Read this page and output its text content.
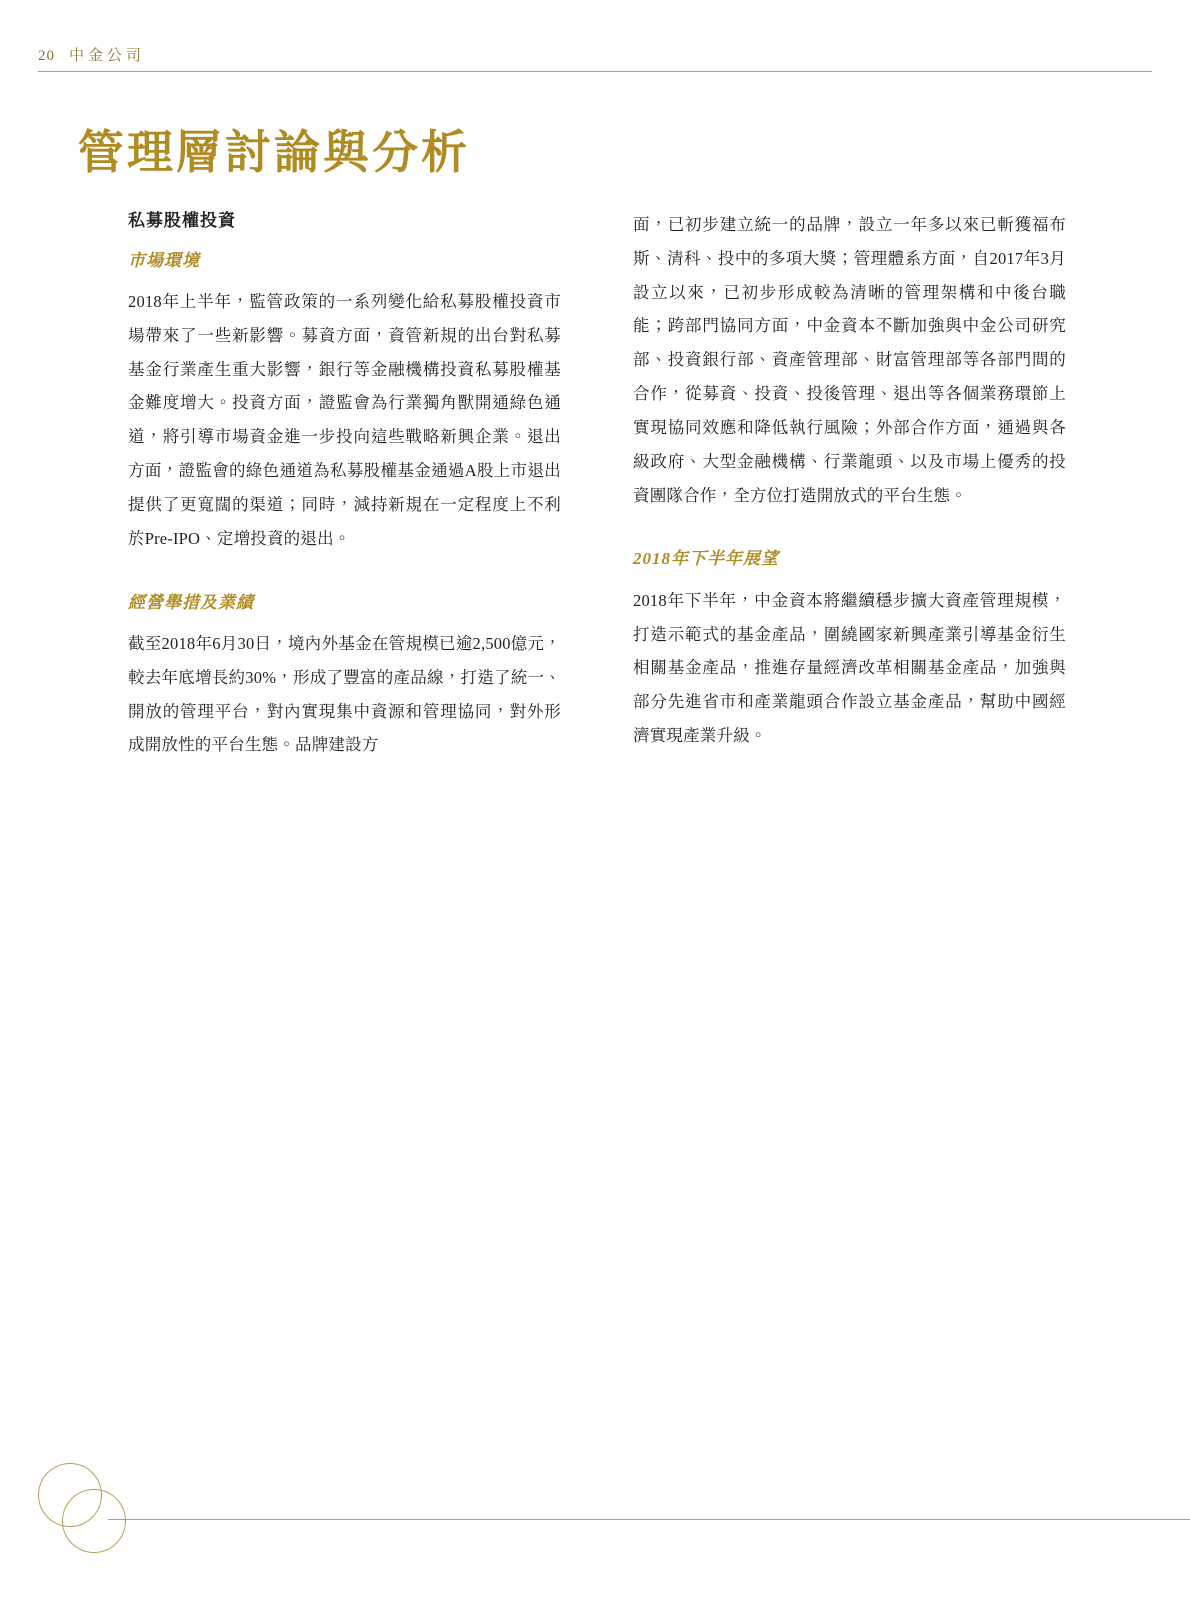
20 中金公司
管理層討論與分析
私募股權投資
市場環境

2018年上半年，監管政策的一系列變化給私募股權投資市場帶來了一些新影響。募資方面，資管新規的出台對私募基金行業產生重大影響，銀行等金融機構投資私募股權基金難度增大。投資方面，證監會為行業獨角獸開通綠色通道，將引導市場資金進一步投向這些戰略新興企業。退出方面，證監會的綠色通道為私募股權基金通過A股上市退出提供了更寬闊的渠道；同時，減持新規在一定程度上不利於Pre-IPO、定增投資的退出。

經營舉措及業績

截至2018年6月30日，境內外基金在管規模已逾2,500億元，較去年底增長約30%，形成了豐富的產品線，打造了統一、開放的管理平台，對內實現集中資源和管理協同，對外形成開放性的平台生態。品牌建設方

面，已初步建立統一的品牌，設立一年多以來已斬獲福布斯、清科、投中的多項大獎；管理體系方面，自2017年3月設立以來，已初步形成較為清晰的管理架構和中後台職能；跨部門協同方面，中金資本不斷加強與中金公司研究部、投資銀行部、資產管理部、財富管理部等各部門間的合作，從募資、投資、投後管理、退出等各個業務環節上實現協同效應和降低執行風險；外部合作方面，通過與各級政府、大型金融機構、行業龍頭、以及市場上優秀的投資團隊合作，全方位打造開放式的平台生態。

2018年下半年展望

2018年下半年，中金資本將繼續穩步擴大資產管理規模，打造示範式的基金產品，圍繞國家新興產業引導基金衍生相關基金產品，推進存量經濟改革相關基金產品，加強與部分先進省市和產業龍頭合作設立基金產品，幫助中國經濟實現產業升級。
